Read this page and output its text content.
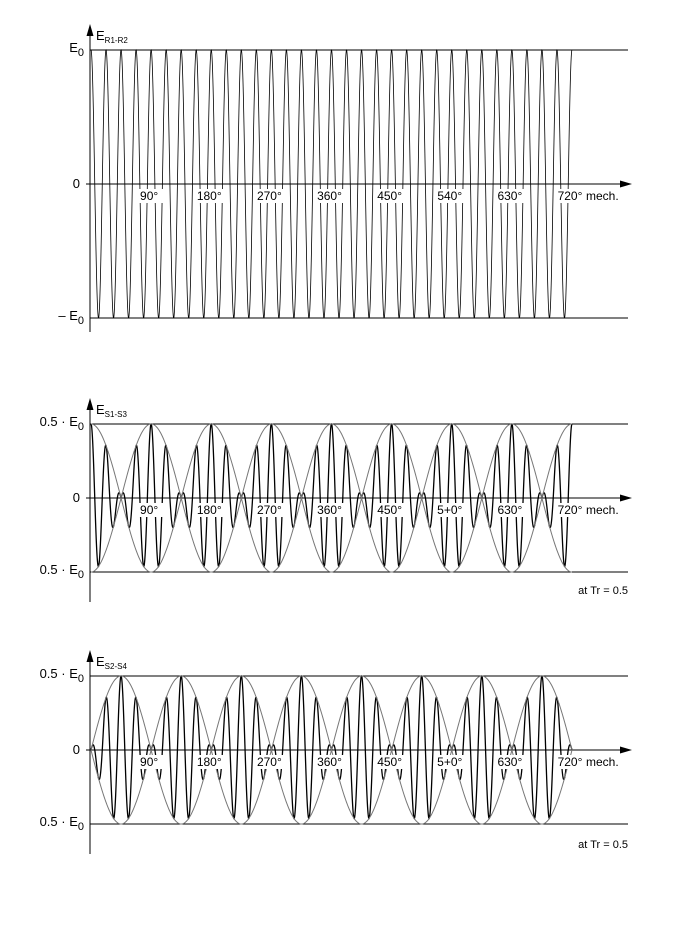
$E_{R1-R2}$
$E_0$
0
– $E_0$
90°	180°	270°	360°	450°	540°	630°	720° mech.
$E_{S1-S3}$
$0.5 \cdot E_0$
0
$0.5 \cdot E_0$
90°	180°	270°	360°	450°	5+0°	630°	720° mech.
at Tr = 0.5
$E_{S2-S4}$
$0.5 \cdot E_0$
0
$0.5 \cdot E_0$
90°	180°	270°	360°	450°	5+0°	630°	720° mech.
at Tr = 0.5
